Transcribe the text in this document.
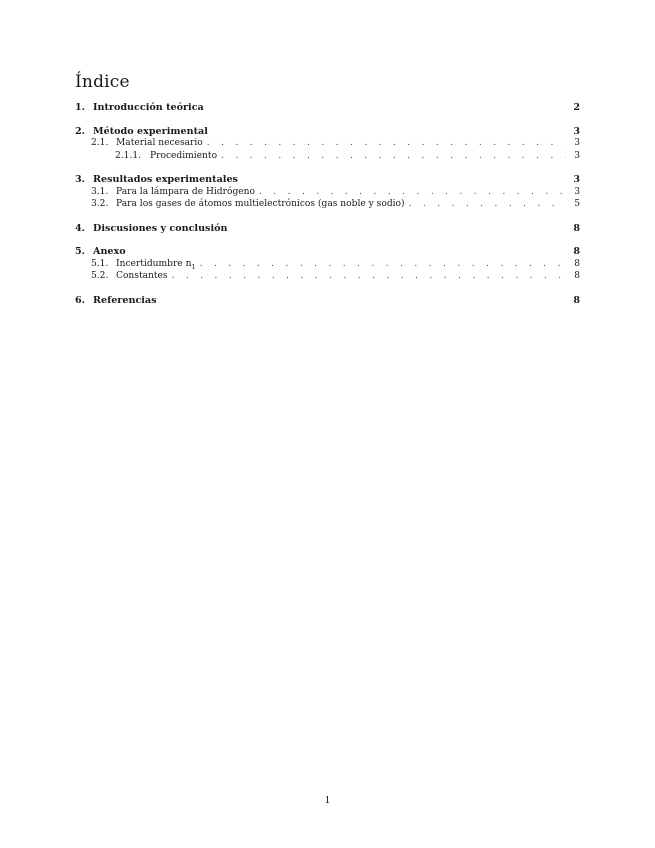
Índice
1. Introducción teórica	2
2. Método experimental	3
2.1. Material necesario . . .	3
2.1.1. Procedimiento . . .	3
3. Resultados experimentales	3
3.1. Para la lámpara de Hidrógeno . . .	3
3.2. Para los gases de átomos multielectrónicos (gas noble y sodio) . . .	5
4. Discusiones y conclusión	8
5. Anexo	8
5.1. Incertidumbre $n_1$ . . .	8
5.2. Constantes . . .	8
6. Referencias	8
1
